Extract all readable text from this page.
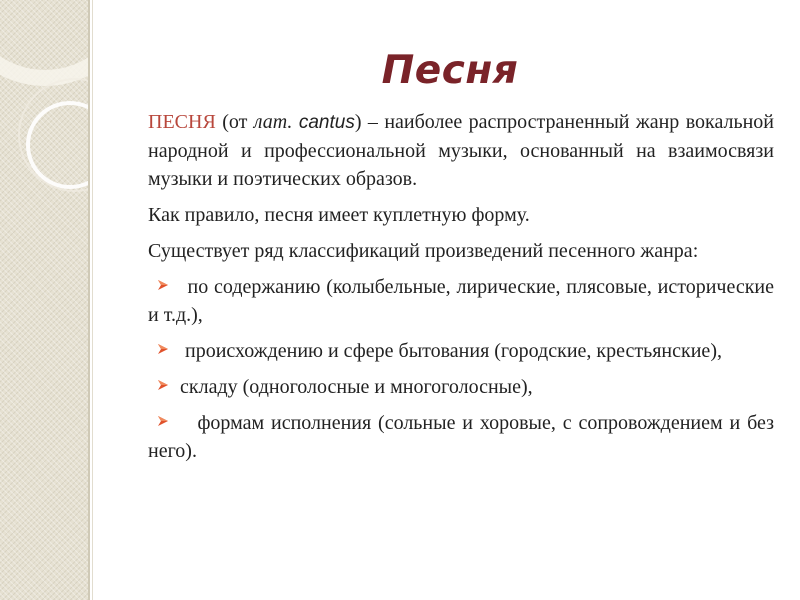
Песня

ПЕСНЯ (от лат. cantus) – наиболее распространенный жанр вокальной народной и профессиональной музыки, основанный на взаимосвязи музыки и поэтических образов.

Как правило, песня имеет куплетную форму.

Существует ряд классификаций произведений песенного жанра:

по содержанию (колыбельные, лирические, плясовые, исторические и т.д.),
происхождению и сфере бытования (городские, крестьянские),
складу (одноголосные и многоголосные),
формам исполнения (сольные и хоровые, с сопровождением и без него).
